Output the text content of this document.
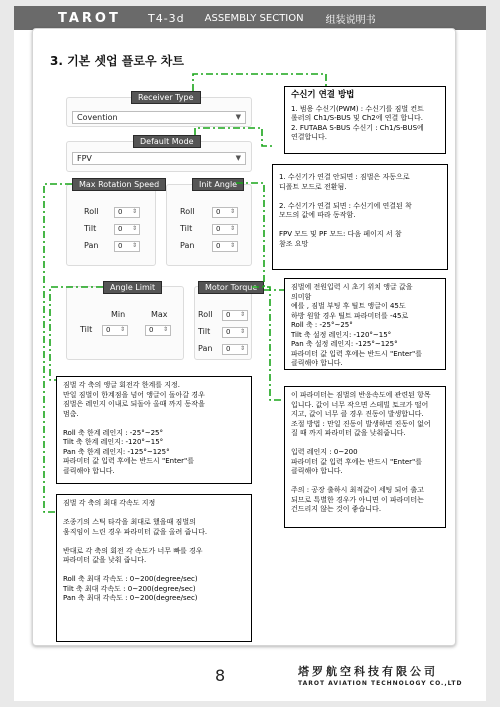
TAROT T4-3d ASSEMBLY SECTION 组装说明书
3. 기본 셋업 플로우 차트
Receiver Type
Covention	▼
Default Mode
FPV	▼
Max Rotation Speed
Roll	0 ⇕
Tilt	0 ⇕
Pan	0 ⇕
Init Angle
Roll	0 ⇕
Tilt	0 ⇕
Pan	0 ⇕
Angle Limit
Min	Max
Tilt	0 ⇕	0 ⇕
Motor Torque
Roll	0 ⇕
Tilt	0 ⇕
Pan	0 ⇕
수신기 연결 방법
1. 범용 수신기(PWM) : 수신기를 짐벌 컨트
롤러의 Ch1/S-BUS 및 Ch2에 연결 합니다.
2. FUTABA S-BUS 수신기 : Ch1/S-BUS에
연결합니다.
1. 수신기가 연결 안되면 : 짐벌은 자동으로
디폴트 모드로 전환됨.

2. 수신기가 연결 되면 : 수신기에 연결된 착
모드의 값에 따라 동작함.

FPV 모드 및 PF 모드: 다음 페이지 서 참
참조 요망
짐벌에 전원입력 시 초기 위치 앵글 값을
의미함
예를 , 짐벌 부팅 후 틸트 앵글이 45도
하방 원할 경우 틸트 파라미터를 -45로
Roll 축 : -25°~25°
Tilt 축 설정 레인지: -120°~15°
Pan 축 설정 레인지: -125°~125°
파라미터 값 입력 후에는 반드시 "Enter"를
클릭해야 합니다.
짐벌 각 축의 앵글 회전각 한계를 지정.
만일 짐벌이 한계점을 넘어 앵글이 돌아갈 경우
짐벌은 레인지 이내로 되돌아 올때 까지 동작을
멈춤.

Roll 축 한계 레인지 : -25°~25°
Tilt 축 한계 레인지: -120°~15°
Pan 축 한계 레인지: -125°~125°
파라미터 값 입력 후에는 반드시 "Enter"를
클릭해야 합니다.
이 파라미터는 짐벌의 반응속도에 관련된 항목
입니다. 값이 너무 작으면 스테빌 토크가 떨어
지고, 값이 너무 클 경우 진동이 발생합니다.
조절 방법 : 만일 진동이 발생하면 진동이 없어
질 때 까지 파라미터 값을 낮춰줍니다.

입력 레인지 : 0~200
파라미터 값 입력 후에는 반드시 "Enter"를
클릭해야 합니다.

주의 : 공장 출하시 최적값이 세팅 되어 출고
되므로 특별한 경우가 아니면 이 파라미터는
건드리지 않는 것이 좋습니다.
짐벌 각 축의 최대 각속도 지정

조종기의 스틱 타각을 최대로 했을때 짐벌의
움직임이 느린 경우 파라미터 값을 올려 줍니다.

반대로 각 축의 회전 각 속도가 너무 빠를 경우
파라미터 값을 낮춰 줍니다.

Roll 축 최대 각속도 : 0~200(degree/sec)
Tilt 축 최대 각속도 : 0~200(degree/sec)
Pan 축 최대 각속도 : 0~200(degree/sec)
8	塔罗航空科技有限公司
TAROT AVIATION TECHNOLOGY CO.,LTD
